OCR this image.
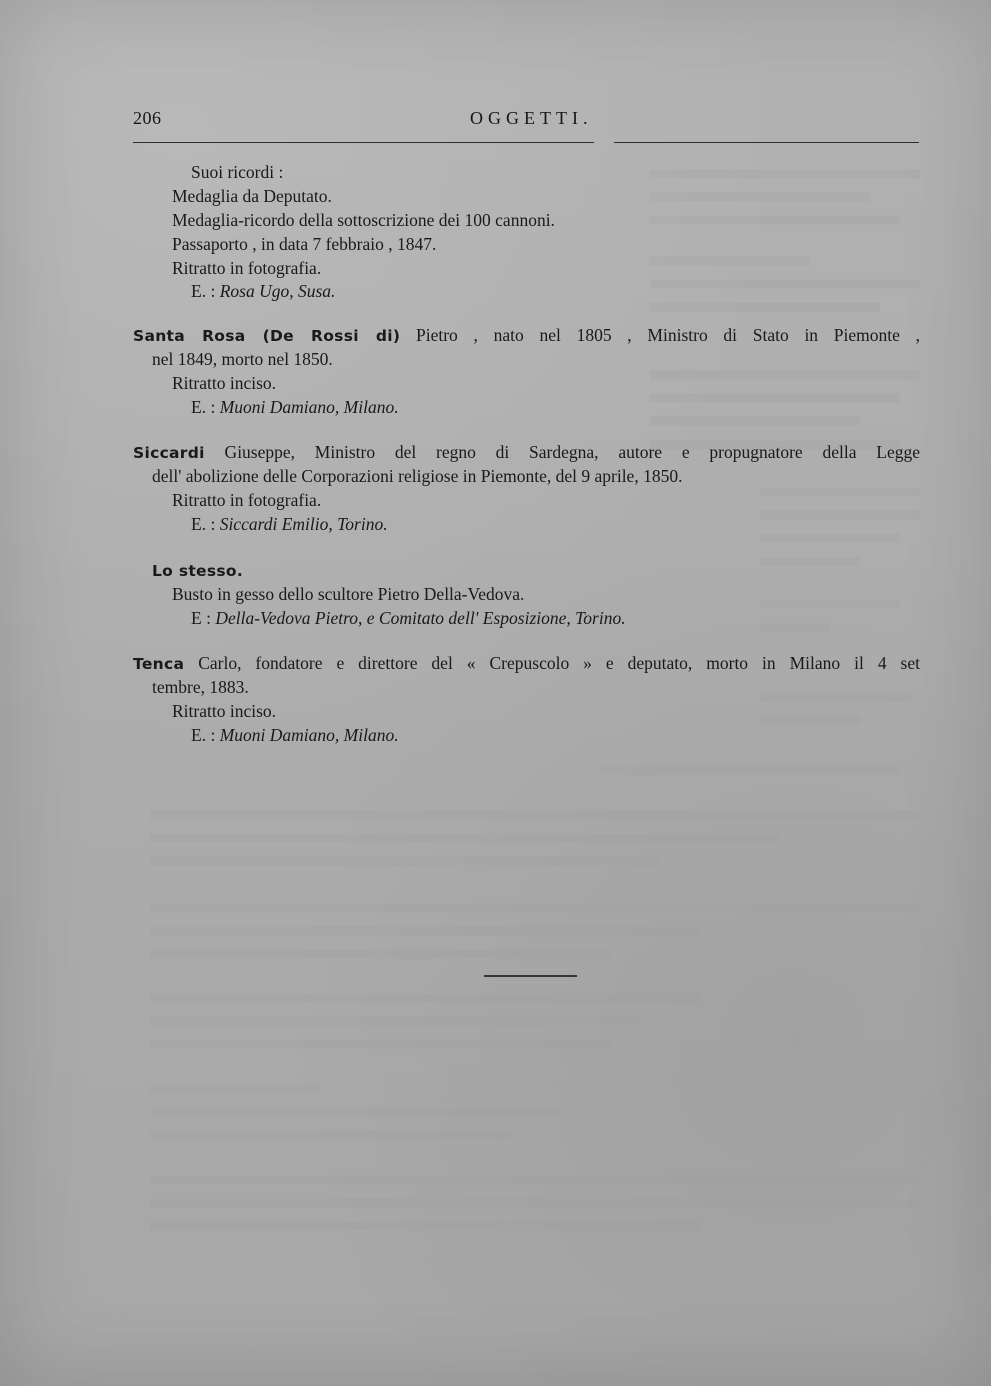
206	OGGETTI.
Suoi ricordi :
Medaglia da Deputato.
Medaglia-ricordo della sottoscrizione dei 100 cannoni.
Passaporto , in data 7 febbraio , 1847.
Ritratto in fotografia.
E. : Rosa Ugo, Susa.
Santa Rosa (De Rossi di) Pietro , nato nel 1805 , Ministro di Stato in Piemonte ,
nel 1849, morto nel 1850.
Ritratto inciso.
E. : Muoni Damiano, Milano.
Siccardi Giuseppe, Ministro del regno di Sardegna, autore e propugnatore della Legge
dell' abolizione delle Corporazioni religiose in Piemonte, del 9 aprile, 1850.
Ritratto in fotografia.
E. : Siccardi Emilio, Torino.
Lo stesso.
Busto in gesso dello scultore Pietro Della-Vedova.
E : Della-Vedova Pietro, e Comitato dell' Esposizione, Torino.
Tenca Carlo, fondatore e direttore del « Crepuscolo » e deputato, morto in Milano il 4 set
tembre, 1883.
Ritratto inciso.
E. : Muoni Damiano, Milano.
